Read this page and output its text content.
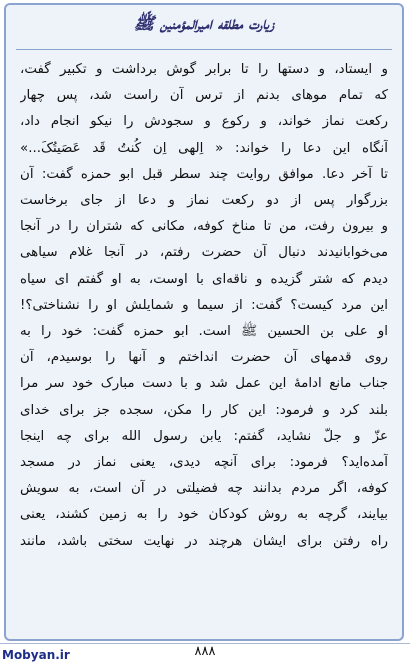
زیارت مطلقه امیرالمؤمنین ﷺ
و ایستاد، و دستها را تا برابر گوش برداشت و تکبیر گفت،
که تمام موهای بدنم از ترس آن راست شد، پس چهار
رکعت نماز خواند، و رکوع و سجودش را نیکو انجام داد،
آنگاه این دعا را خواند: « اِلهی اِن کُنتُ قَد عَصَیتُکَ...»
تا آخر دعا. موافق روایت چند سطر قبل ابو حمزه گفت: آن
بزرگوار پس از دو رکعت نماز و دعا از جای برخاست
و بیرون رفت، من تا مناخ کوفه، مکانی که شتران را در آنجا
می‌خوابانیدند دنبال آن حضرت رفتم، در آنجا غلام سیاهی
دیدم که شتر گزیده و ناقه‌ای با اوست، به او گفتم ای سیاه
این مرد کیست؟ گفت: از سیما و شمایلش او را نشناختی؟!
او علی بن الحسین ﷺ است. ابو حمزه گفت: خود را به
روی قدمهای آن حضرت انداختم و آنها را بوسیدم، آن
جناب مانع ادامهٔ این عمل شد و با دست مبارک خود سر مرا
بلند کرد و فرمود: این کار را مکن، سجده جز برای خدای
عزّ و جلّ نشاید، گفتم: یابن رسول الله برای چه اینجا
آمده‌اید؟ فرمود: برای آنچه دیدی، یعنی نماز در مسجد
کوفه، اگر مردم بدانند چه فضیلتی در آن است، به سویش
بیایند، گرچه به روش کودکان خود را به زمین کشند، یعنی
راه رفتن برای ایشان هرچند در نهایت سختی باشد، مانند
۸۸۸
Mobyan.ir
